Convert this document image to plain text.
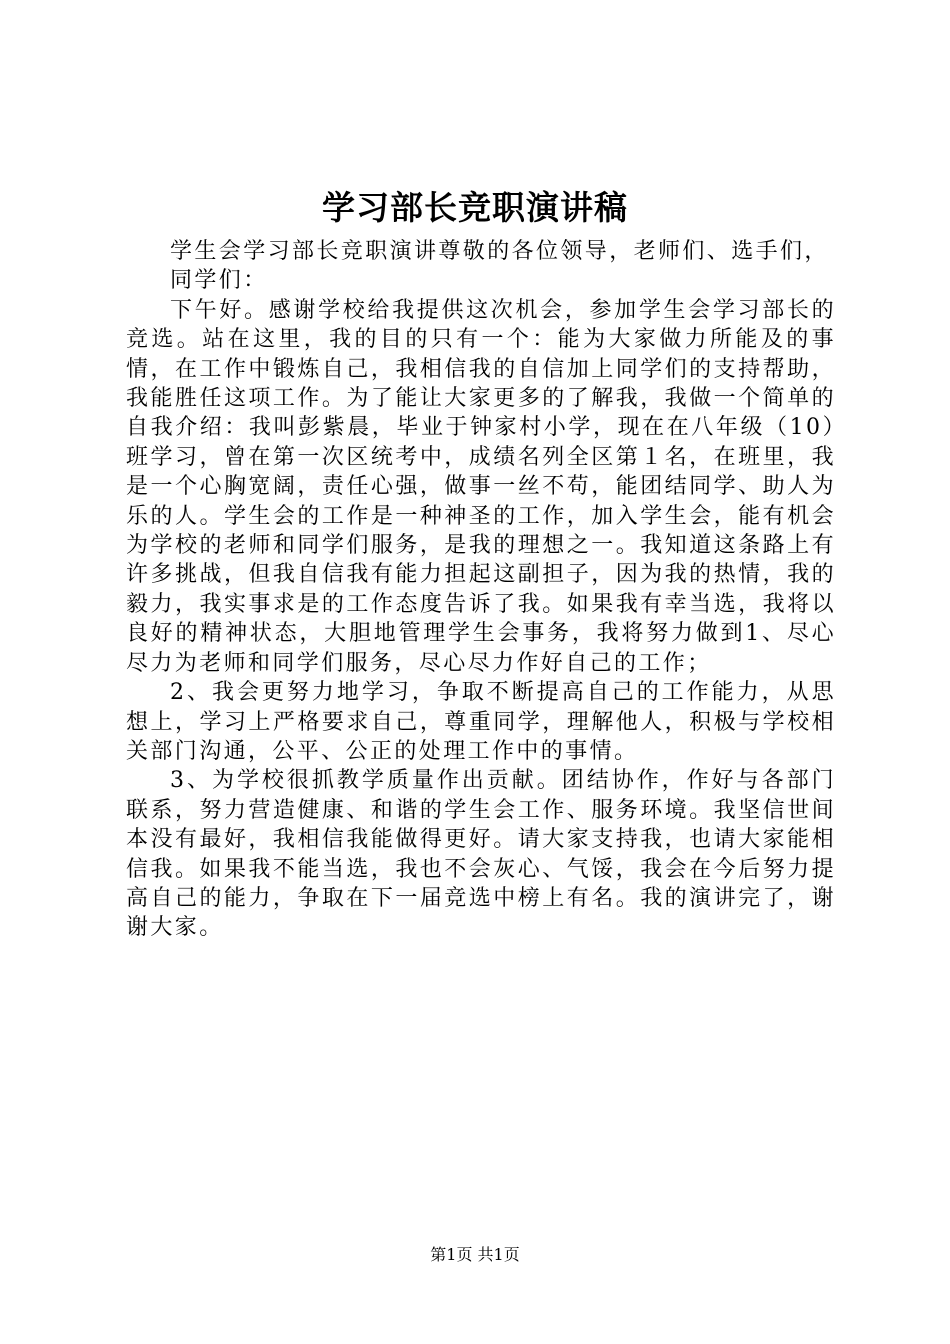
学习部长竞职演讲稿

学生会学习部长竞职演讲尊敬的各位领导，老师们、选手们，

同学们：

下午好。感谢学校给我提供这次机会，参加学生会学习部长的竞选。站在这里，我的目的只有一个：能为大家做力所能及的事情，在工作中锻炼自己，我相信我的自信加上同学们的支持帮助，我能胜任这项工作。为了能让大家更多的了解我，我做一个简单的自我介绍：我叫彭紫晨，毕业于钟家村小学，现在在八年级（10）班学习，曾在第一次区统考中，成绩名列全区第１名，在班里，我是一个心胸宽阔，责任心强，做事一丝不苟，能团结同学、助人为乐的人。学生会的工作是一种神圣的工作，加入学生会，能有机会为学校的老师和同学们服务，是我的理想之一。我知道这条路上有许多挑战，但我自信我有能力担起这副担子，因为我的热情，我的毅力，我实事求是的工作态度告诉了我。如果我有幸当选，我将以良好的精神状态，大胆地管理学生会事务，我将努力做到1、尽心尽力为老师和同学们服务，尽心尽力作好自己的工作；

2、我会更努力地学习，争取不断提高自己的工作能力，从思想上，学习上严格要求自己，尊重同学，理解他人，积极与学校相关部门沟通，公平、公正的处理工作中的事情。

3、为学校很抓教学质量作出贡献。团结协作，作好与各部门联系，努力营造健康、和谐的学生会工作、服务环境。我坚信世间本没有最好，我相信我能做得更好。请大家支持我，也请大家能相信我。如果我不能当选，我也不会灰心、气馁，我会在今后努力提高自己的能力，争取在下一届竞选中榜上有名。我的演讲完了，谢谢大家。

第1页 共1页
